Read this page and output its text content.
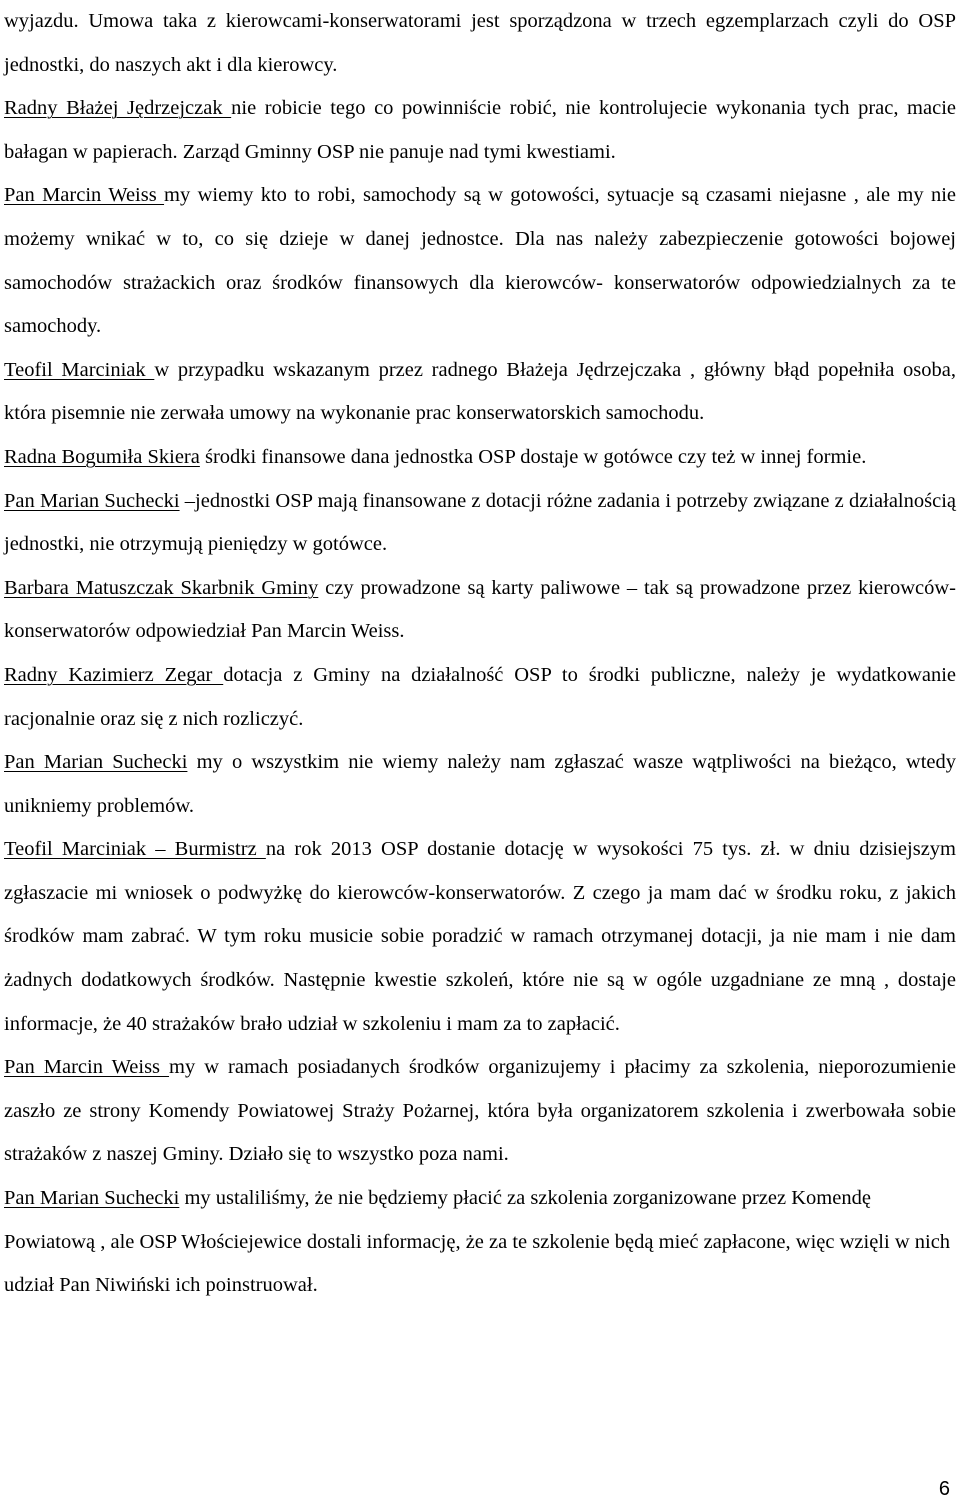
wyjazdu. Umowa taka z kierowcami-konserwatorami jest sporządzona w trzech egzemplarzach czyli do OSP jednostki, do naszych akt i dla kierowcy.

Radny Błażej Jędrzejczak nie robicie tego co powinniście robić, nie kontrolujecie wykonania tych prac, macie bałagan w papierach. Zarząd Gminny OSP nie panuje nad tymi kwestiami.

Pan Marcin Weiss my wiemy kto to robi, samochody są w gotowości, sytuacje są czasami niejasne , ale my nie możemy wnikać w to, co się dzieje w danej jednostce. Dla nas należy zabezpieczenie gotowości bojowej samochodów strażackich oraz środków finansowych dla kierowców- konserwatorów odpowiedzialnych za te samochody.

Teofil Marciniak w przypadku wskazanym przez radnego Błażeja Jędrzejczaka , główny błąd popełniła osoba, która pisemnie nie zerwała umowy na wykonanie prac konserwatorskich samochodu.

Radna Bogumiła Skiera środki finansowe dana jednostka OSP dostaje w gotówce czy też w innej formie.

Pan Marian Suchecki –jednostki OSP mają finansowane z dotacji różne zadania i potrzeby związane z działalnością jednostki, nie otrzymują pieniędzy w gotówce.

Barbara Matuszczak Skarbnik Gminy czy prowadzone są karty paliwowe – tak są prowadzone przez kierowców-konserwatorów odpowiedział Pan Marcin Weiss.

Radny Kazimierz Zegar dotacja z Gminy na działalność OSP to środki publiczne, należy je wydatkowanie racjonalnie oraz się z nich rozliczyć.

Pan Marian Suchecki my o wszystkim nie wiemy należy nam zgłaszać wasze wątpliwości na bieżąco, wtedy unikniemy problemów.

Teofil Marciniak – Burmistrz na rok 2013 OSP dostanie dotację w wysokości 75 tys. zł. w dniu dzisiejszym zgłaszacie mi wniosek o podwyżkę do kierowców-konserwatorów. Z czego ja mam dać w środku roku, z jakich środków mam zabrać. W tym roku musicie sobie poradzić w ramach otrzymanej dotacji, ja nie mam i nie dam żadnych dodatkowych środków. Następnie kwestie szkoleń, które nie są w ogóle uzgadniane ze mną , dostaje informacje, że 40 strażaków brało udział w szkoleniu i mam za to zapłacić.

Pan Marcin Weiss my w ramach posiadanych środków organizujemy i płacimy za szkolenia, nieporozumienie zaszło ze strony Komendy Powiatowej Straży Pożarnej, która była organizatorem szkolenia i zwerbowała sobie strażaków z naszej Gminy. Działo się to wszystko poza nami.

Pan Marian Suchecki my ustaliliśmy, że nie będziemy płacić za szkolenia zorganizowane przez Komendę Powiatową , ale OSP Włościejewice dostali informację, że za te szkolenie będą mieć zapłacone, więc wzięli w nich udział Pan Niwiński ich poinstruował.

6
